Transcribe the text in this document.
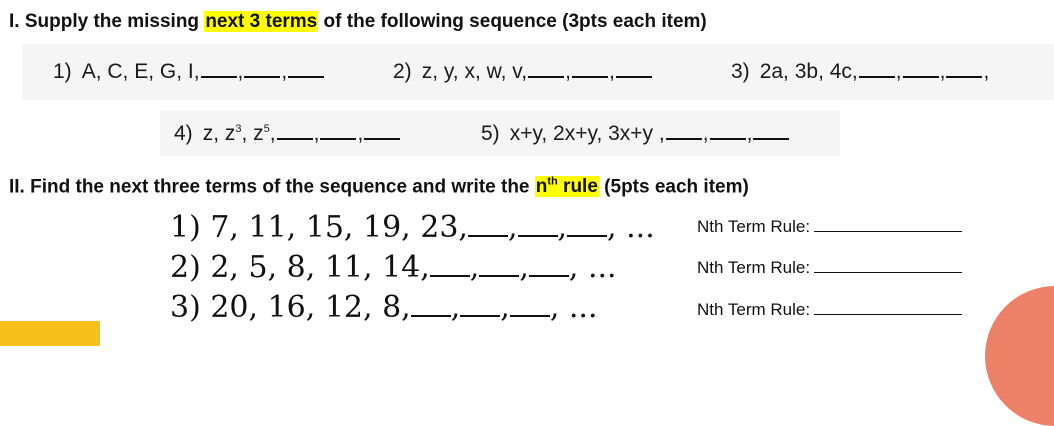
I. Supply the missing next 3 terms of the following sequence (3pts each item)
1) A, C, E, G, I, , ,	2) z, y, x, w, v, , ,	3) 2a, 3b, 4c, , , ,
4) z, $z^3$, $z^5$, , ,	5) x+y, 2x+y, 3x+y , , ,
II. Find the next three terms of the sequence and write the $n^{th}$ rule (5pts each item)
1) 7, 11, 15, 19, 23, , , , ... Nth Term Rule:
2) 2, 5, 8, 11, 14, , , , ...	Nth Term Rule:
3) 20, 16, 12, 8, , , , ...	Nth Term Rule:
